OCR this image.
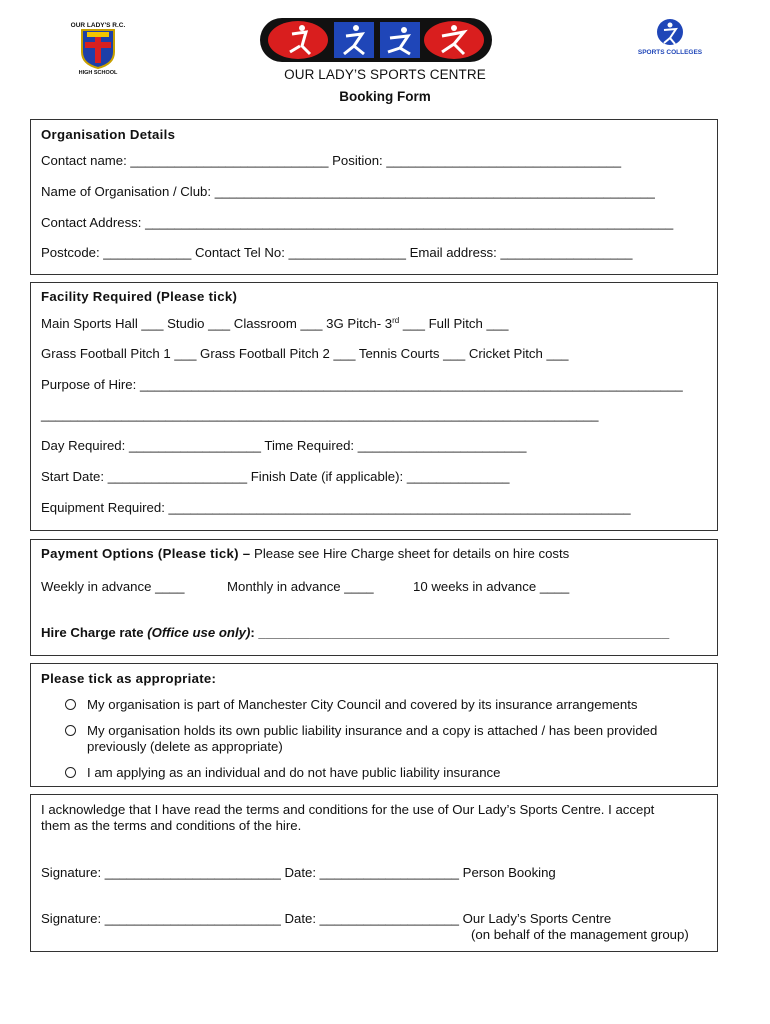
OUR LADY'S R.C.
HIGH SCHOOL
SPORTS COLLEGES
OUR LADY’S SPORTS CENTRE
Booking Form
Organisation Details
Contact name: ___________________________ Position: ________________________________
Name of Organisation / Club: ____________________________________________________________
Contact Address: ________________________________________________________________________
Postcode: ____________ Contact Tel No: ________________ Email address: __________________
Facility Required (Please tick)
Main Sports Hall ___ Studio ___ Classroom ___ 3G Pitch- 3rd ___ Full Pitch ___
Grass Football Pitch 1 ___ Grass Football Pitch 2 ___ Tennis Courts ___ Cricket Pitch ___
Purpose of Hire: __________________________________________________________________________
____________________________________________________________________________
Day Required: __________________ Time Required: _______________________
Start Date: ___________________ Finish Date (if applicable): ______________
Equipment Required: _______________________________________________________________
Payment Options (Please tick) – Please see Hire Charge sheet for details on hire costs
Weekly in advance ____	Monthly in advance ____	10 weeks in advance ____
Hire Charge rate (Office use only): ________________________________________________________
Please tick as appropriate:
My organisation is part of Manchester City Council and covered by its insurance arrangements
My organisation holds its own public liability insurance and a copy is attached / has been provided
previously (delete as appropriate)
I am applying as an individual and do not have public liability insurance
I acknowledge that I have read the terms and conditions for the use of Our Lady’s Sports Centre. I accept
them as the terms and conditions of the hire.
Signature: ________________________ Date: ___________________ Person Booking
Signature: ________________________ Date: ___________________ Our Lady’s Sports Centre
(on behalf of the management group)
